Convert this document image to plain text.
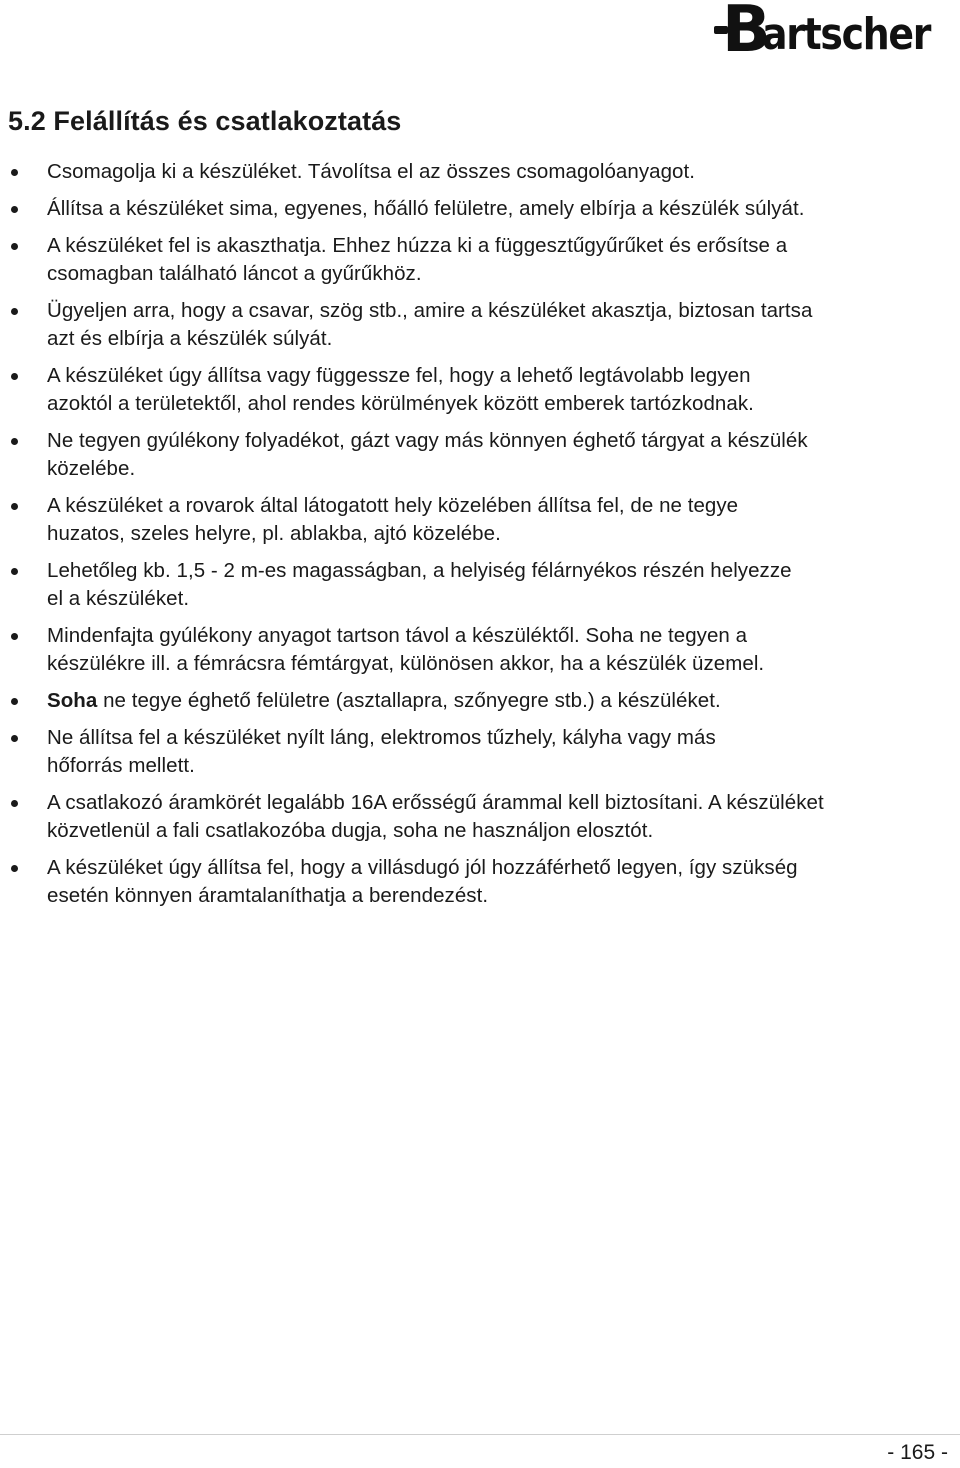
B
artscher
5.2 Felállítás és csatlakoztatás
Csomagolja ki a készüléket. Távolítsa el az összes csomagolóanyagot.
Állítsa a készüléket sima, egyenes, hőálló felületre, amely elbírja a készülék súlyát.
A készüléket fel is akaszthatja. Ehhez húzza ki a függesztűgyűrűket és erősítse a
csomagban található láncot a gyűrűkhöz.
Ügyeljen arra, hogy a csavar, szög stb., amire a készüléket akasztja, biztosan tartsa
azt és elbírja a készülék súlyát.
A készüléket úgy állítsa vagy függessze fel, hogy a lehető legtávolabb legyen
azoktól a területektől, ahol rendes körülmények között emberek tartózkodnak.
Ne tegyen gyúlékony folyadékot, gázt vagy más könnyen éghető tárgyat a készülék
közelébe.
A készüléket a rovarok által látogatott hely közelében állítsa fel, de ne tegye
huzatos, szeles helyre, pl. ablakba, ajtó közelébe.
Lehetőleg kb. 1,5 - 2 m-es magasságban, a helyiség félárnyékos részén helyezze
el a készüléket.
Mindenfajta gyúlékony anyagot tartson távol a készüléktől. Soha ne tegyen a
készülékre ill. a fémrácsra fémtárgyat, különösen akkor, ha a készülék üzemel.
Soha ne tegye éghető felületre (asztallapra, szőnyegre stb.) a készüléket.
Ne állítsa fel a készüléket nyílt láng, elektromos tűzhely, kályha vagy más
hőforrás mellett.
A csatlakozó áramkörét legalább 16A erősségű árammal kell biztosítani. A készüléket
közvetlenül a fali csatlakozóba dugja, soha ne használjon elosztót.
A készüléket úgy állítsa fel, hogy a villásdugó jól hozzáférhető legyen, így szükség
esetén könnyen áramtalaníthatja a berendezést.
- 165 -
